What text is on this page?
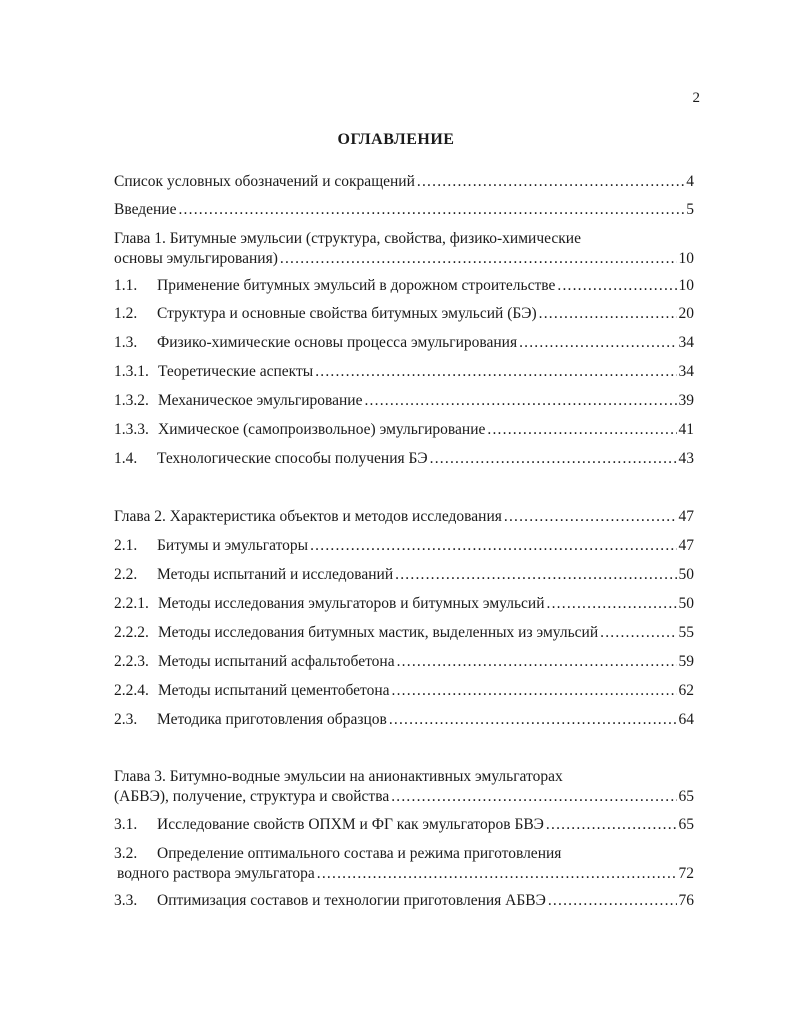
2
ОГЛАВЛЕНИЕ
Список условных обозначений и сокращений .....	4
Введение .....	5
Глава 1. Битумные эмульсии (структура, свойства, физико-химические
основы эмульгирования) .....	10
1.1.	Применение битумных эмульсий в дорожном строительстве .....	10
1.2.	Структура и основные свойства битумных эмульсий (БЭ) .....	20
1.3.	Физико-химические основы процесса эмульгирования .....	34
1.3.1. Теоретические аспекты .....	34
1.3.2. Механическое эмульгирование .....	39
1.3.3. Химическое (самопроизвольное) эмульгирование .....	41
1.4.	Технологические способы получения БЭ .....	43
Глава 2. Характеристика объектов и методов исследования .....	47
2.1.	Битумы и эмульгаторы .....	47
2.2.	Методы испытаний и исследований .....	50
2.2.1. Методы исследования эмульгаторов и битумных эмульсий .....	50
2.2.2. Методы исследования битумных мастик, выделенных из эмульсий .....	55
2.2.3. Методы испытаний асфальтобетона .....	59
2.2.4. Методы испытаний цементобетона .....	62
2.3.	Методика приготовления образцов .....	64
Глава 3. Битумно-водные эмульсии на анионактивных эмульгаторах
(АБВЭ), получение, структура и свойства .....	65
3.1.	Исследование свойств ОПХМ и ФГ как эмульгаторов БВЭ .....	65
3.2.	Определение оптимального состава и режима приготовления
водного раствора эмульгатора .....	72
3.3.	Оптимизация составов и технологии приготовления АБВЭ .....	76
